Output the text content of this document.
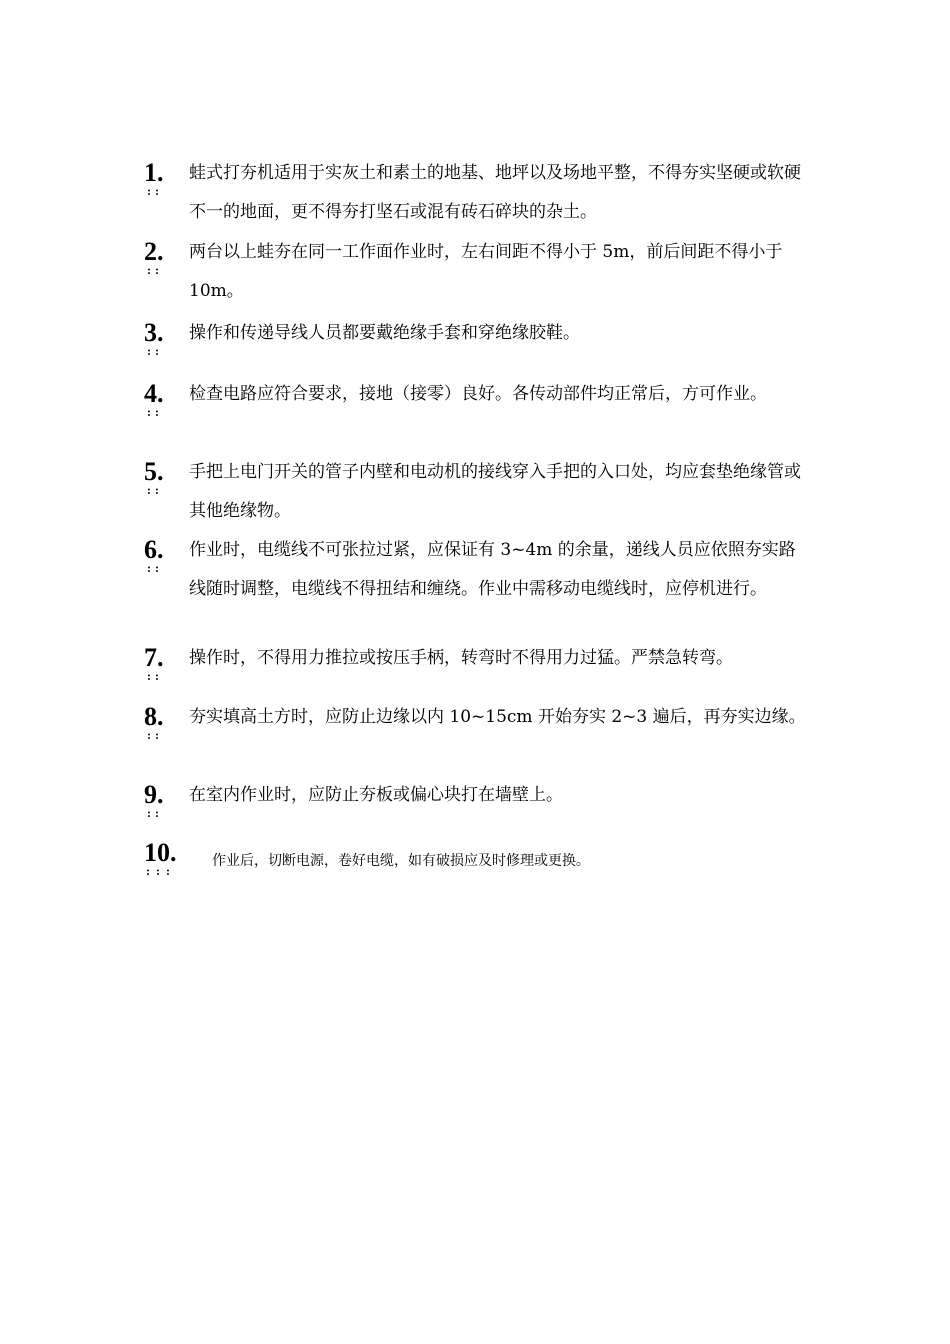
1.
::
蛙式打夯机适用于实灰土和素土的地基、地坪以及场地平整，不得夯实坚硬或软硬不一的地面，更不得夯打坚石或混有砖石碎块的杂土。
2.
::
两台以上蛙夯在同一工作面作业时，左右间距不得小于 5m，前后间距不得小于 10m。
3.
::
操作和传递导线人员都要戴绝缘手套和穿绝缘胶鞋。
4.
::
检查电路应符合要求，接地（接零）良好。各传动部件均正常后，方可作业。
5.
::
手把上电门开关的管子内壁和电动机的接线穿入手把的入口处，均应套垫绝缘管或其他绝缘物。
6.
::
作业时，电缆线不可张拉过紧，应保证有 3~4m 的余量，递线人员应依照夯实路线随时调整，电缆线不得扭结和缠绕。作业中需移动电缆线时，应停机进行。
7.
::
操作时，不得用力推拉或按压手柄，转弯时不得用力过猛。严禁急转弯。
8.
::
夯实填高土方时，应防止边缘以内 10~15cm 开始夯实 2~3 遍后，再夯实边缘。
9.
::
在室内作业时，应防止夯板或偏心块打在墙壁上。
10.
:::
作业后，切断电源，卷好电缆，如有破损应及时修理或更换。
